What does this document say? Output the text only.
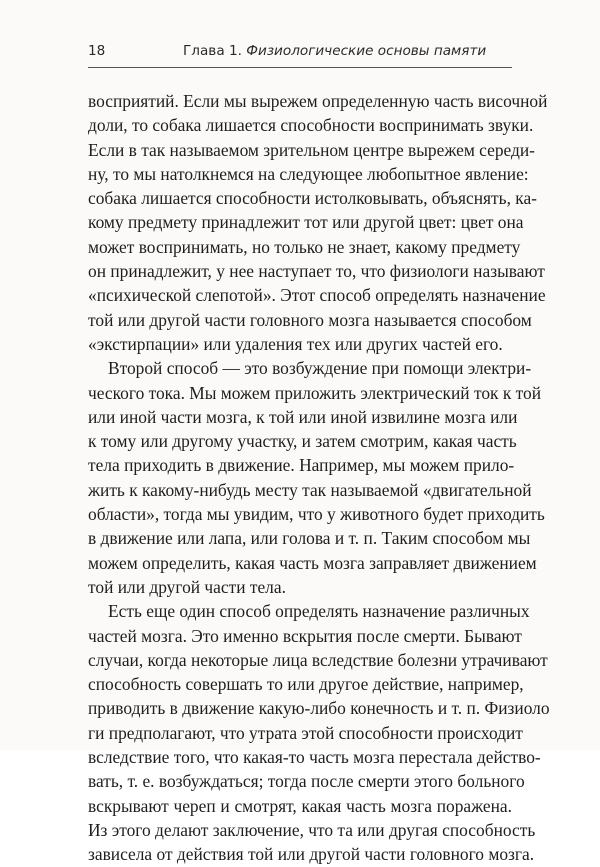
18	Глава 1. Физиологические основы памяти
восприятий. Если мы вырежем определенную часть височной
доли, то собака лишается способности воспринимать звуки.
Если в так называемом зрительном центре вырежем середи-
ну, то мы натолкнемся на следующее любопытное явление:
собака лишается способности истолковывать, объяснять, ка-
кому предмету принадлежит тот или другой цвет: цвет она
может воспринимать, но только не знает, какому предмету
он принадлежит, у нее наступает то, что физиологи называют
«психической слепотой». Этот способ определять назначение
той или другой части головного мозга называется способом
«экстирпации» или удаления тех или других частей его.
Второй способ — это возбуждение при помощи электри-
ческого тока. Мы можем приложить электрический ток к той
или иной части мозга, к той или иной извилине мозга или
к тому или другому участку, и затем смотрим, какая часть
тела приходить в движение. Например, мы можем прило-
жить к какому-нибудь месту так называемой «двигательной
области», тогда мы увидим, что у животного будет приходить
в движение или лапа, или голова и т. п. Таким способом мы
можем определить, какая часть мозга заправляет движением
той или другой части тела.
Есть еще один способ определять назначение различных
частей мозга. Это именно вскрытия после смерти. Бывают
случаи, когда некоторые лица вследствие болезни утрачивают
способность совершать то или другое действие, например,
приводить в движение какую-либо конечность и т. п. Физиоло
ги предполагают, что утрата этой способности происходит
вследствие того, что какая-то часть мозга перестала действо-
вать, т. е. возбуждаться; тогда после смерти этого больного
вскрывают череп и смотрят, какая часть мозга поражена.
Из этого делают заключение, что та или другая способность
зависела от действия той или другой части головного мозга.
